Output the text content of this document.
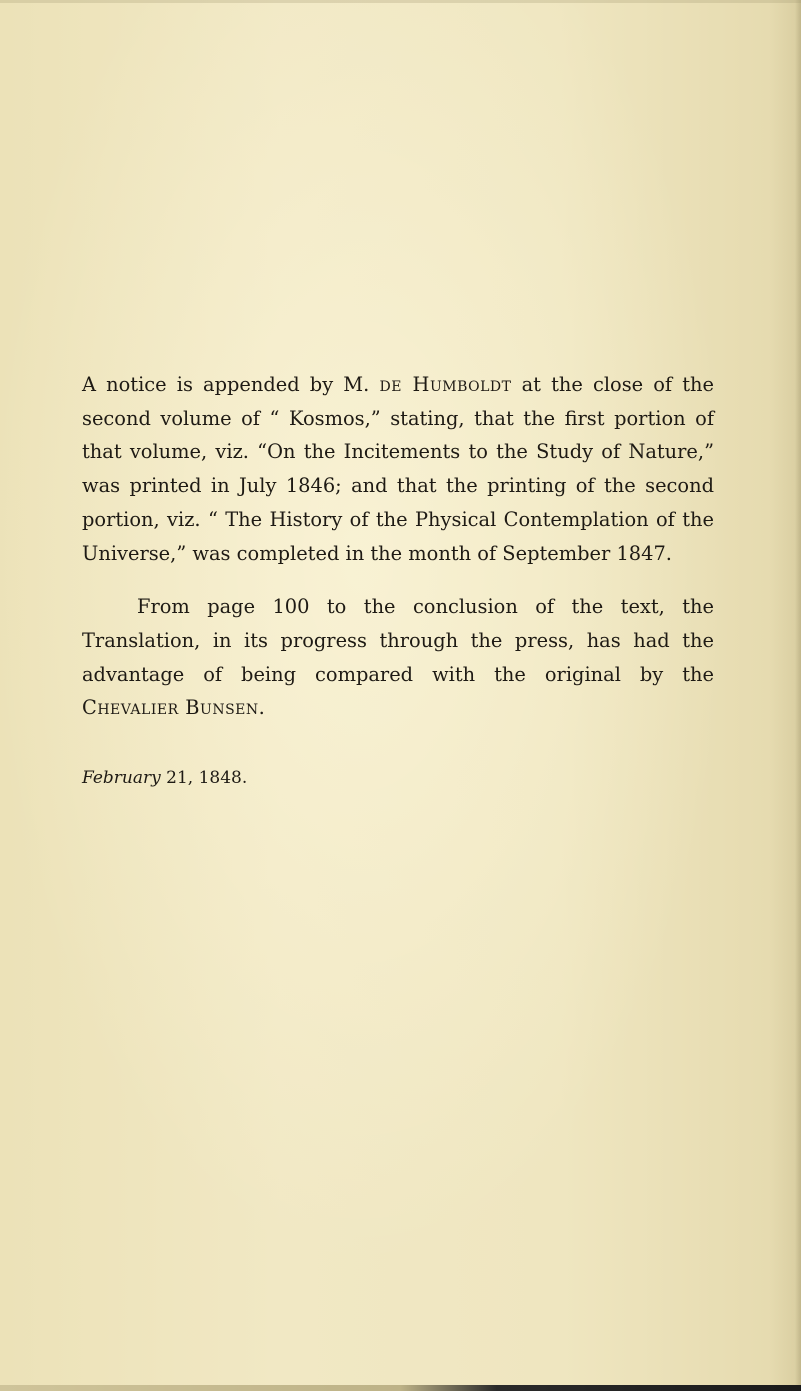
A notice is appended by M. de Humboldt at the close of the second volume of “ Kosmos,” stating, that the first portion of that volume, viz. “On the Incitements to the Study of Nature,” was printed in July 1846; and that the printing of the second portion, viz. “ The History of the Physical Contemplation of the Universe,” was completed in the month of September 1847.

From page 100 to the conclusion of the text, the Translation, in its progress through the press, has had the advantage of being compared with the original by the Chevalier Bunsen.

February 21, 1848.
